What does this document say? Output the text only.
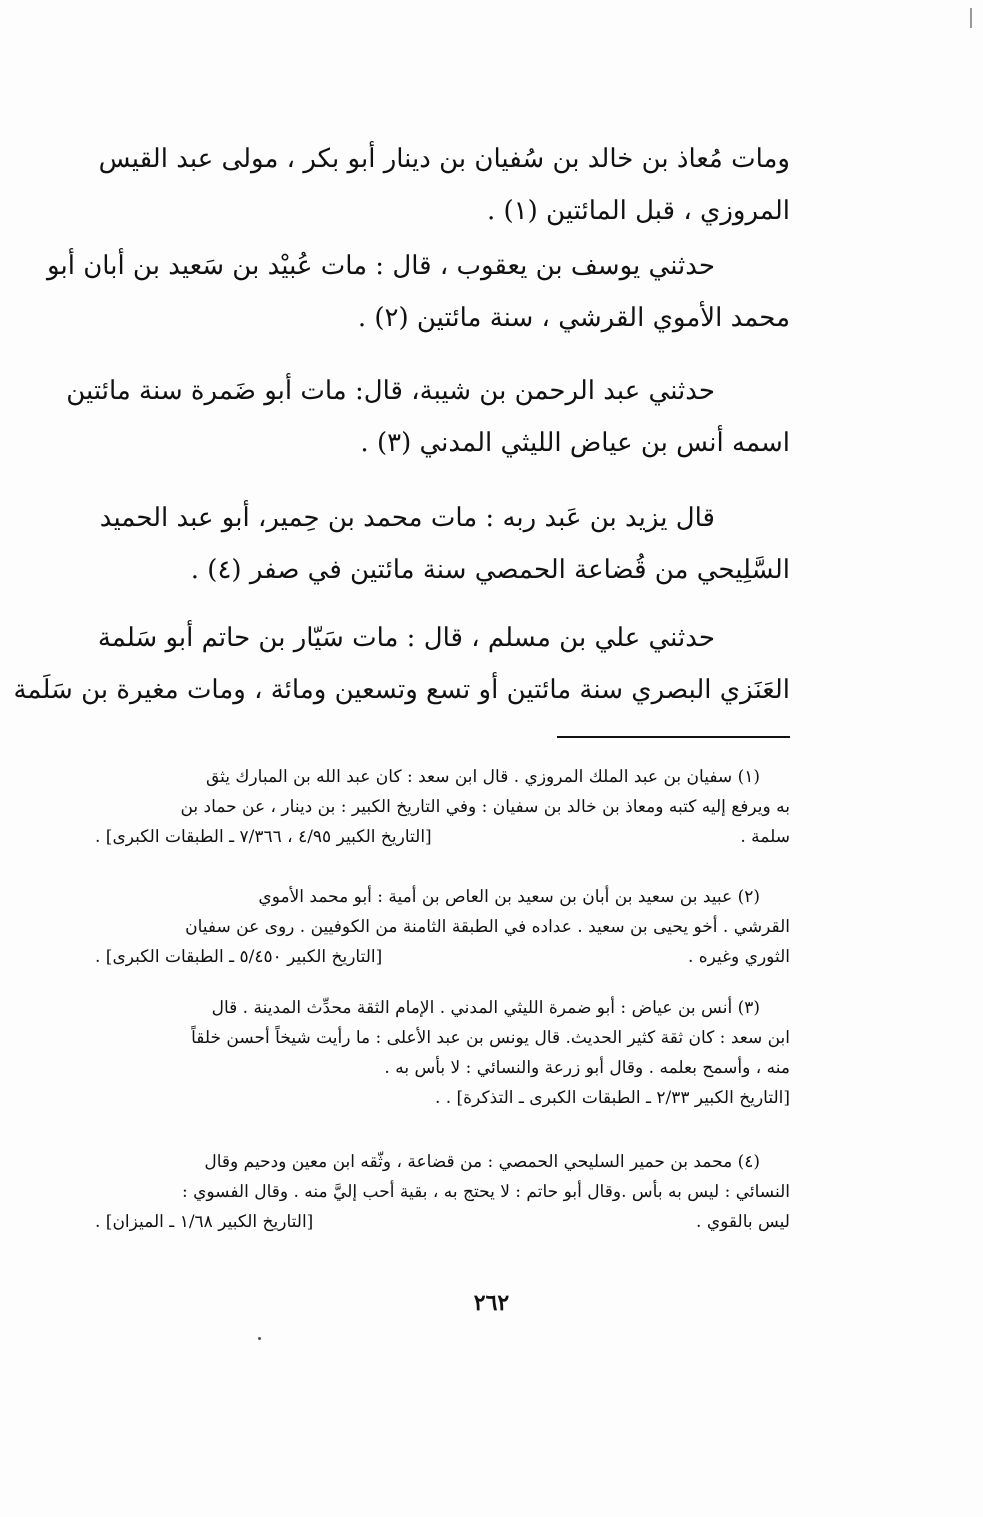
ومات مُعاذ بن خالد بن سُفيان بن دينار أبو بكر ، مولى عبد القيس
المروزي ، قبل المائتين (١) .
حدثني يوسف بن يعقوب ، قال : مات عُبيْد بن سَعيد بن أبان أبو
محمد الأموي القرشي ، سنة مائتين (٢) .
حدثني عبد الرحمن بن شيبة، قال: مات أبو ضَمرة سنة مائتين
اسمه أنس بن عياض الليثي المدني (٣) .
قال يزيد بن عَبد ربه : مات محمد بن حِمير، أبو عبد الحميد
السَّلِيحي من قُضاعة الحمصي سنة مائتين في صفر (٤) .
حدثني علي بن مسلم ، قال : مات سَيّار بن حاتم أبو سَلمة
العَنَزي البصري سنة مائتين أو تسع وتسعين ومائة ، ومات مغيرة بن سَلَمة
(١) سفيان بن عبد الملك المروزي . قال ابن سعد : كان عبد الله بن المبارك يثق
به ويرفع إليه كتبه ومعاذ بن خالد بن سفيان : وفي التاريخ الكبير : بن دينار ، عن حماد بن
سلمة .
[التاريخ الكبير ٤/٩٥ ، ٧/٣٦٦ ـ الطبقات الكبرى] .
(٢) عبيد بن سعيد بن أبان بن سعيد بن العاص بن أمية : أبو محمد الأموي
القرشي . أخو يحيى بن سعيد . عداده في الطبقة الثامنة من الكوفيين . روى عن سفيان
الثوري وغيره .
[التاريخ الكبير ٥/٤٥٠ ـ الطبقات الكبرى] .
(٣) أنس بن عياض : أبو ضمرة الليثي المدني . الإمام الثقة محدِّث المدينة . قال
ابن سعد : كان ثقة كثير الحديث. قال يونس بن عبد الأعلى : ما رأيت شيخاً أحسن خلقاً
منه ، وأسمح بعلمه . وقال أبو زرعة والنسائي : لا بأس به .
[التاريخ الكبير ٢/٣٣ ـ الطبقات الكبرى ـ التذكرة] . .
(٤) محمد بن حمير السليحي الحمصي : من قضاعة ، وثّقه ابن معين ودحيم وقال
النسائي : ليس به بأس .وقال أبو حاتم : لا يحتج به ، بقية أحب إليَّ منه . وقال الفسوي :
ليس بالقوي .
[التاريخ الكبير ١/٦٨ ـ الميزان] .
٢٦٢
